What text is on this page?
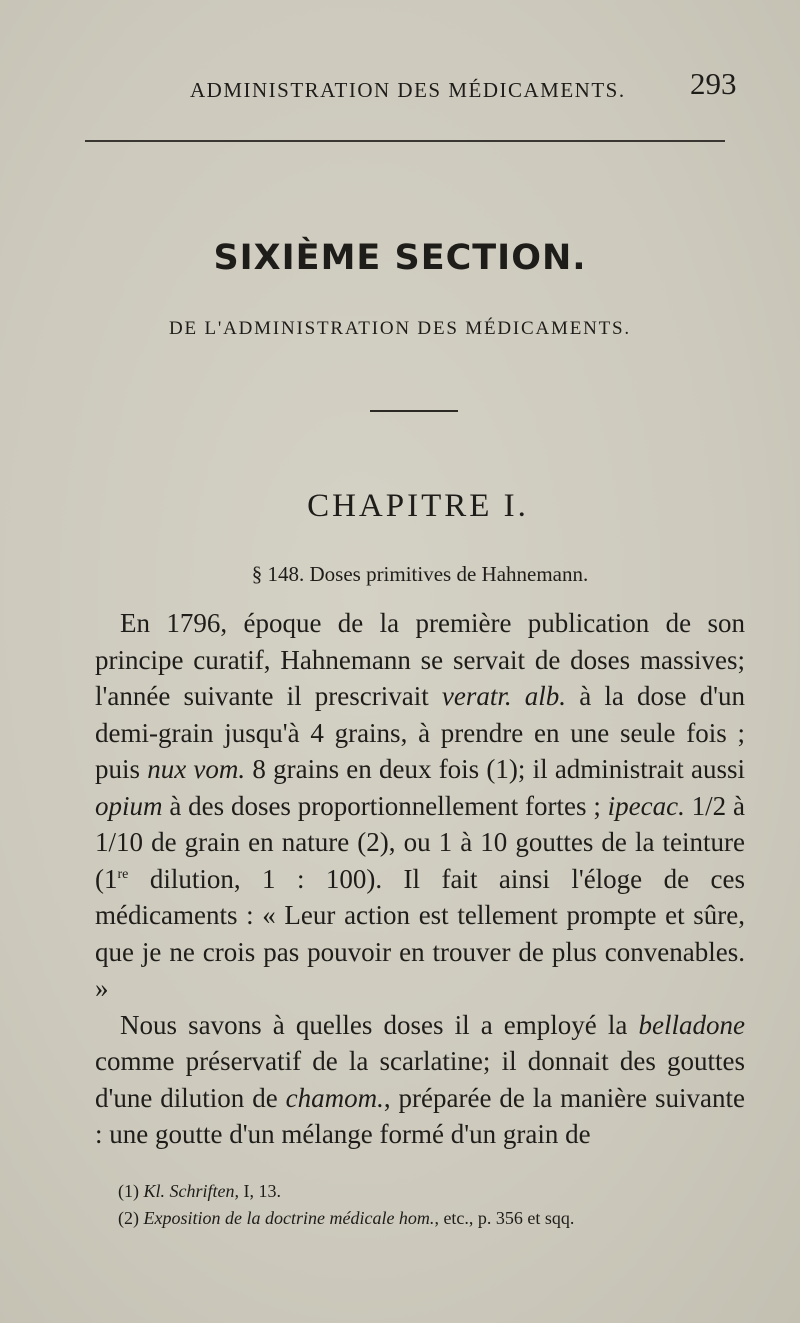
ADMINISTRATION DES MÉDICAMENTS. 293
SIXIÈME SECTION.
DE L'ADMINISTRATION DES MÉDICAMENTS.
CHAPITRE I.
§ 148. Doses primitives de Hahnemann.

En 1796, époque de la première publication de son principe curatif, Hahnemann se servait de doses massives; l'année suivante il prescrivait veratr. alb. à la dose d'un demi-grain jusqu'à 4 grains, à prendre en une seule fois ; puis nux vom. 8 grains en deux fois (1); il administrait aussi opium à des doses proportionnellement fortes ; ipecac. 1/2 à 1/10 de grain en nature (2), ou 1 à 10 gouttes de la teinture (1re dilution, 1 : 100). Il fait ainsi l'éloge de ces médicaments : « Leur action est tellement prompte et sûre, que je ne crois pas pouvoir en trouver de plus convenables. »

Nous savons à quelles doses il a employé la belladone comme préservatif de la scarlatine; il donnait des gouttes d'une dilution de chamom., préparée de la manière suivante : une goutte d'un mélange formé d'un grain de

(1) Kl. Schriften, I, 13.
(2) Exposition de la doctrine médicale hom., etc., p. 356 et sqq.
